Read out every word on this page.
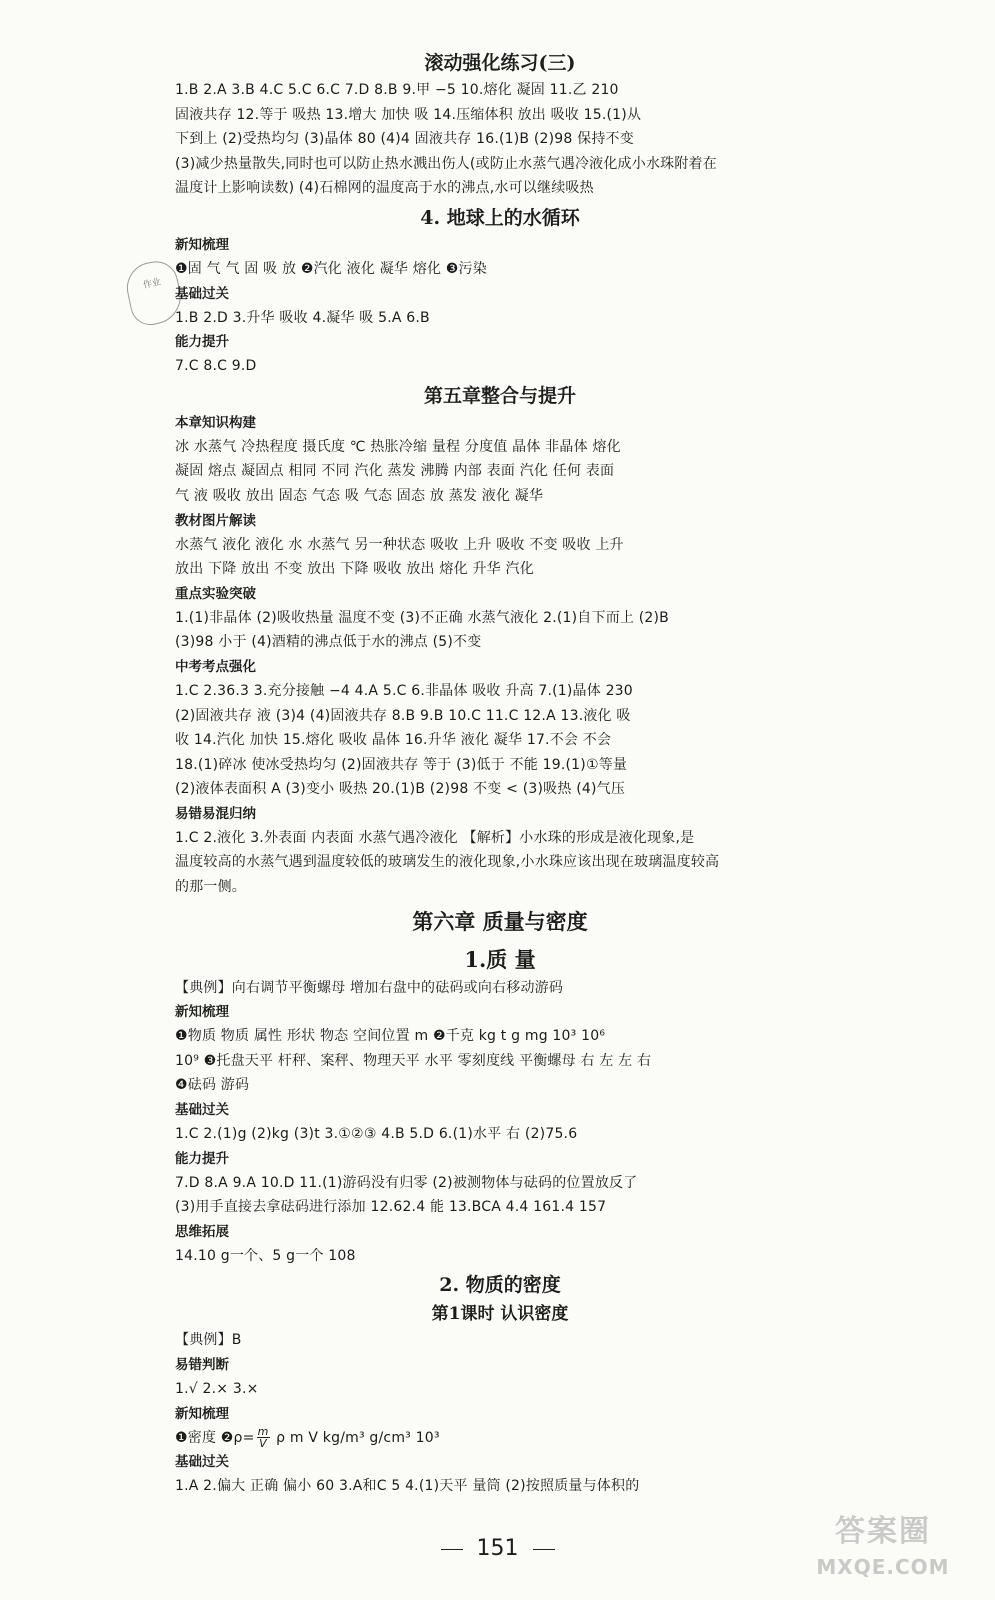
作业
滚动强化练习(三)
1.B 2.A 3.B 4.C 5.C 6.C 7.D 8.B 9.甲 −5 10.熔化 凝固 11.乙 210
固液共存 12.等于 吸热 13.增大 加快 吸 14.压缩体积 放出 吸收 15.(1)从
下到上 (2)受热均匀 (3)晶体 80 (4)4 固液共存 16.(1)B (2)98 保持不变
(3)减少热量散失,同时也可以防止热水溅出伤人(或防止水蒸气遇冷液化成小水珠附着在
温度计上影响读数) (4)石棉网的温度高于水的沸点,水可以继续吸热
4. 地球上的水循环
新知梳理
❶固 气 气 固 吸 放 ❷汽化 液化 凝华 熔化 ❸污染
基础过关
1.B 2.D 3.升华 吸收 4.凝华 吸 5.A 6.B
能力提升
7.C 8.C 9.D
第五章整合与提升
本章知识构建
冰 水蒸气 冷热程度 摄氏度 ℃ 热胀冷缩 量程 分度值 晶体 非晶体 熔化
凝固 熔点 凝固点 相同 不同 汽化 蒸发 沸腾 内部 表面 汽化 任何 表面
气 液 吸收 放出 固态 气态 吸 气态 固态 放 蒸发 液化 凝华
教材图片解读
水蒸气 液化 液化 水 水蒸气 另一种状态 吸收 上升 吸收 不变 吸收 上升
放出 下降 放出 不变 放出 下降 吸收 放出 熔化 升华 汽化
重点实验突破
1.(1)非晶体 (2)吸收热量 温度不变 (3)不正确 水蒸气液化 2.(1)自下而上 (2)B
(3)98 小于 (4)酒精的沸点低于水的沸点 (5)不变
中考考点强化
1.C 2.36.3 3.充分接触 −4 4.A 5.C 6.非晶体 吸收 升高 7.(1)晶体 230
(2)固液共存 液 (3)4 (4)固液共存 8.B 9.B 10.C 11.C 12.A 13.液化 吸
收 14.汽化 加快 15.熔化 吸收 晶体 16.升华 液化 凝华 17.不会 不会
18.(1)碎冰 使冰受热均匀 (2)固液共存 等于 (3)低于 不能 19.(1)①等量
(2)液体表面积 A (3)变小 吸热 20.(1)B (2)98 不变 < (3)吸热 (4)气压
易错易混归纳
1.C 2.液化 3.外表面 内表面 水蒸气遇冷液化 【解析】小水珠的形成是液化现象,是
温度较高的水蒸气遇到温度较低的玻璃发生的液化现象,小水珠应该出现在玻璃温度较高
的那一侧。
第六章 质量与密度
1.质 量
【典例】向右调节平衡螺母 增加右盘中的砝码或向右移动游码
新知梳理
❶物质 物质 属性 形状 物态 空间位置 m ❷千克 kg t g mg 10³ 10⁶
10⁹ ❸托盘天平 杆秤、案秤、物理天平 水平 零刻度线 平衡螺母 右 左 左 右
❹砝码 游码
基础过关
1.C 2.(1)g (2)kg (3)t 3.①②③ 4.B 5.D 6.(1)水平 右 (2)75.6
能力提升
7.D 8.A 9.A 10.D 11.(1)游码没有归零 (2)被测物体与砝码的位置放反了
(3)用手直接去拿砝码进行添加 12.62.4 能 13.BCA 4.4 161.4 157
思维拓展
14.10 g一个、5 g一个 108
2. 物质的密度
第1课时 认识密度
【典例】B
易错判断
1.√ 2.× 3.×
新知梳理
❶密度 ❷ρ= $\frac{m}{V}$ ρ m V kg/m³ g/cm³ 10³
基础过关
1.A 2.偏大 正确 偏小 60 3.A和C 5 4.(1)天平 量筒 (2)按照质量与体积的
151	答案圈
MXQE.COM
